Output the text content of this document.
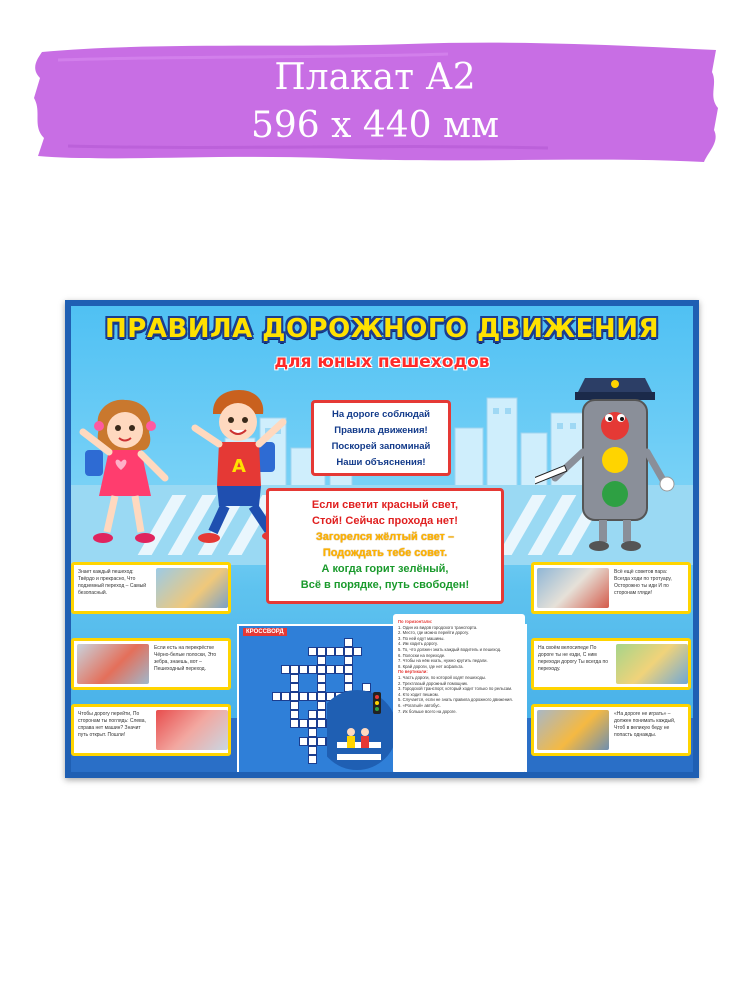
Плакат А2
596 х 440 мм
ПРАВИЛА ДОРОЖНОГО ДВИЖЕНИЯ
для юных пешеходов
А
На дороге соблюдай
Правила движения!
Поскорей запоминай
Наши объяснения!
Если светит красный свет,
Стой! Сейчас прохода нет!
Загорелся жёлтый свет –
Подождать тебе совет.
А когда горит зелёный,
Всё в порядке, путь свободен!
Знает каждый пешеход: Твёрдо и прекрасно, Что подземный переход – Самый безопасный.
Если есть на перекрёстке Чёрно-белые полоски, Это зебра, знаешь, вот – Пешеходный переход.
Чтобы дорогу перейти, По сторонам ты поглядь: Слева, справа нет машин? Значит путь открыт. Пошли!
Всё ещё советов пара: Всегда ходи по тротуару, Осторожно ты иди И по сторонам гляди!
На своём велосипеде По дороге ты не езди, С ним переходи дорогу Ты всегда по переходу.
«На дороге не играть» – должен понимать каждый, Чтоб в великую беду не попасть однажды.
КРОССВОРД
По горизонтали:
1. Один из видов городского транспорта.
2. Место, где можно перейти дорогу.
3. По ней едут машины.
4. Им ходить дорогу.
5. То, что должен знать каждый водитель и пешеход.
6. Полоски на переходе.
7. Чтобы на нём ехать, нужно крутить педали.
8. Край дороги, где нет асфальта.
По вертикали:
1. Часть дороги, по которой ходят пешеходы.
2. Трехглазый дорожный помощник.
3. Городской транспорт, который ходит только по рельсам.
4. Кто ходит пешком.
5. Случается, если не знать правила дорожного движения.
6. «Рогатый» автобус.
7. Их больше всего на дороге.
